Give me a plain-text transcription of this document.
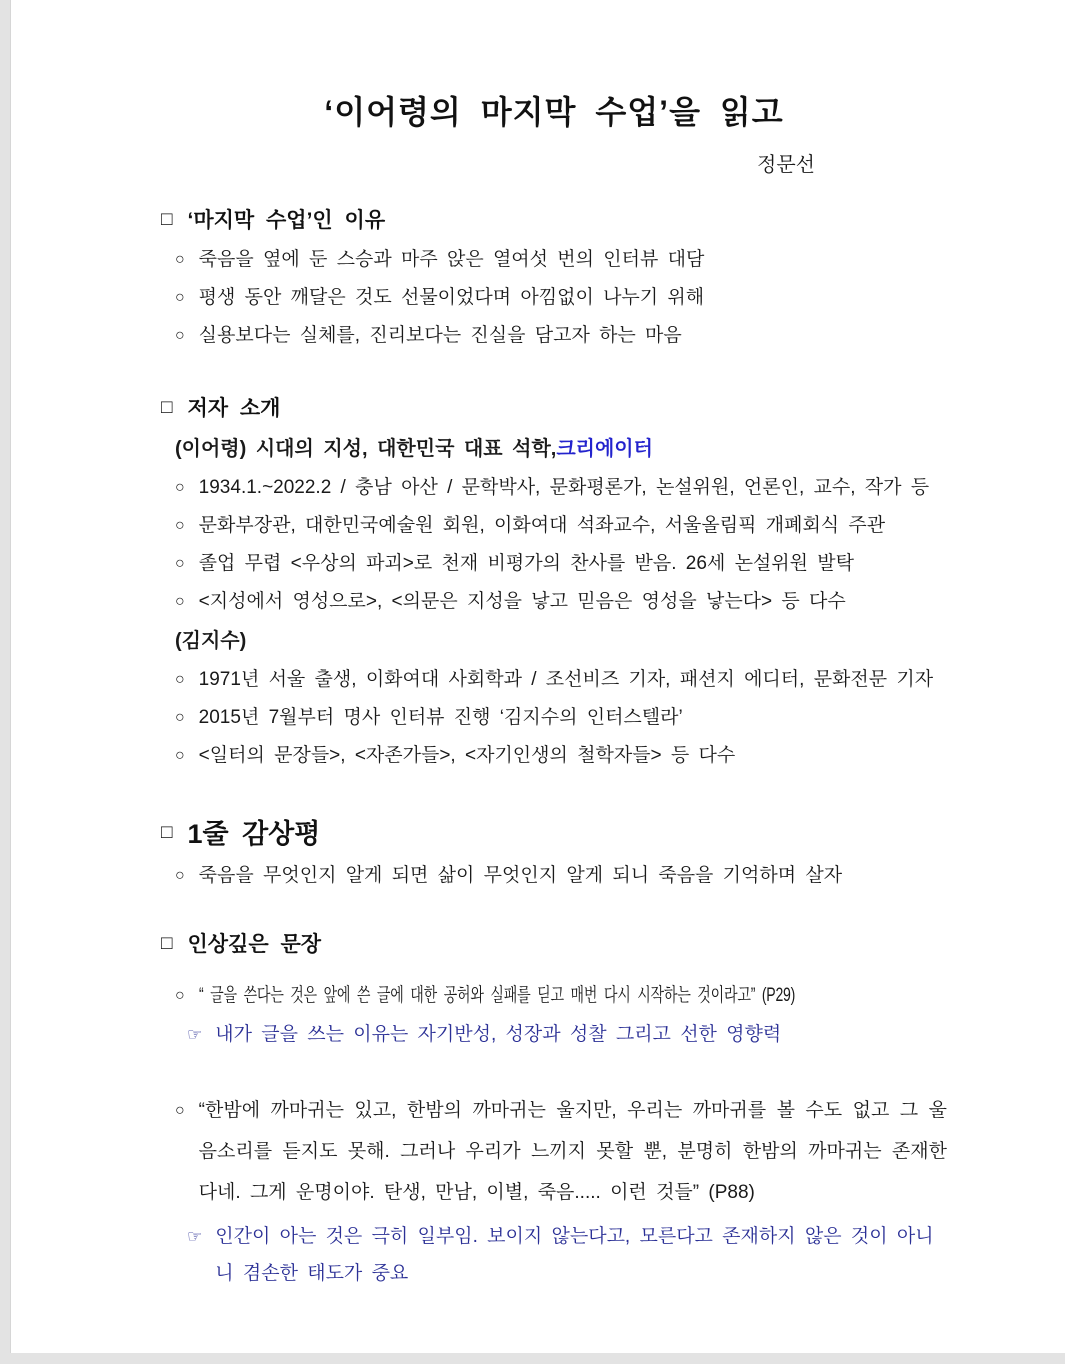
‘이어령의 마지막 수업’을 읽고
정문선
□ ‘마지막 수업’인 이유
○ 죽음을 옆에 둔 스승과 마주 앉은 열여섯 번의 인터뷰 대담
○ 평생 동안 깨달은 것도 선물이었다며 아낌없이 나누기 위해
○ 실용보다는 실체를, 진리보다는 진실을 담고자 하는 마음
□ 저자 소개
(이어령) 시대의 지성, 대한민국 대표 석학, 크리에이터
○ 1934.1.~2022.2 / 충남 아산 / 문학박사, 문화평론가, 논설위원, 언론인, 교수, 작가 등
○ 문화부장관, 대한민국예술원 회원, 이화여대 석좌교수, 서울올림픽 개폐회식 주관
○ 졸업 무렵 <우상의 파괴>로 천재 비평가의 찬사를 받음. 26세 논설위원 발탁
○ <지성에서 영성으로>, <의문은 지성을 낳고 믿음은 영성을 낳는다> 등 다수
(김지수)
○ 1971년 서울 출생, 이화여대 사회학과 / 조선비즈 기자, 패션지 에디터, 문화전문 기자
○ 2015년 7월부터 명사 인터뷰 진행 ‘김지수의 인터스텔라’
○ <일터의 문장들>, <자존가들>, <자기인생의 철학자들> 등 다수
□ 1줄 감상평
○ 죽음을 무엇인지 알게 되면 삶이 무엇인지 알게 되니 죽음을 기억하며 살자
□ 인상깊은 문장
○ “ 글을 쓴다는 것은 앞에 쓴 글에 대한 공허와 실패를 딛고 매번 다시 시작하는 것이라고” (P29)
☞ 내가 글을 쓰는 이유는 자기반성, 성장과 성찰 그리고 선한 영향력
○ “한밤에 까마귀는 있고, 한밤의 까마귀는 울지만, 우리는 까마귀를 볼 수도 없고 그 울음소리를 듣지도 못해. 그러나 우리가 느끼지 못할 뿐, 분명히 한밤의 까마귀는 존재한다네. 그게 운명이야. 탄생, 만남, 이별, 죽음..... 이런 것들” (P88)
☞ 인간이 아는 것은 극히 일부임. 보이지 않는다고, 모른다고 존재하지 않은 것이 아니니 겸손한 태도가 중요
